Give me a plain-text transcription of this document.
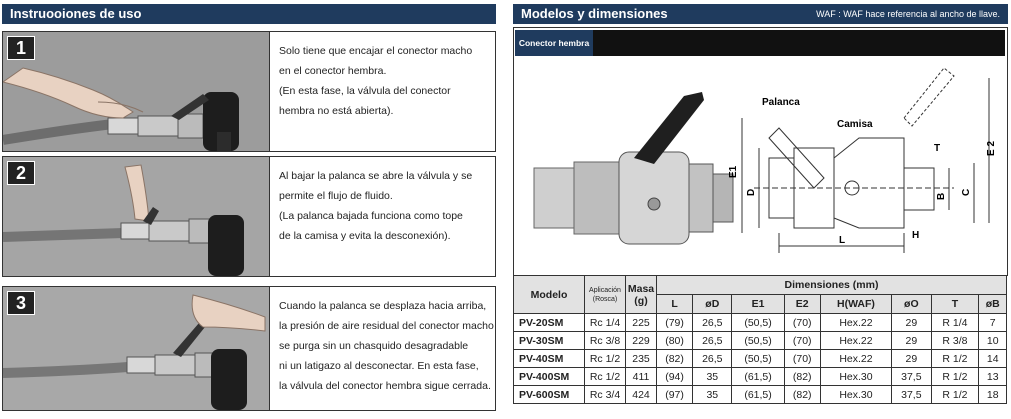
Instruooiones de uso	Modelos y dimensiones	WAF : WAF hace referencia al ancho de llave.
1	Solo tiene que encajar el conector macho
en el conector hembra.
(En esta fase, la válvula del conector
hembra no está abierta).
2	Al bajar la palanca se abre la válvula y se
permite el flujo de fluido.
(La palanca bajada funciona como tope
de la camisa y evita la desconexión).
3	Cuando la palanca se desplaza hacia arriba,
la presión de aire residual del conector macho
se purga sin un chasquido desagradable
ni un latigazo al desconectar. En esta fase,
la válvula del conector hembra sigue cerrada.
Palanca
Camisa
T	E 2
E1
D
B
C
L	H
Conector hembra
Modelo	Aplicación (Rosca)	Masa (g)	Dimensiones (mm)							
			L	øD	E1	E2	H(WAF)	øO	T	øB
PV-20SM	Rc 1/4	225	(79)	26,5	(50,5)	(70)	Hex.22	29	R 1/4	7
PV-30SM	Rc 3/8	229	(80)	26,5	(50,5)	(70)	Hex.22	29	R 3/8	10
PV-40SM	Rc 1/2	235	(82)	26,5	(50,5)	(70)	Hex.22	29	R 1/2	14
PV-400SM	Rc 1/2	411	(94)	35	(61,5)	(82)	Hex.30	37,5	R 1/2	13
PV-600SM	Rc 3/4	424	(97)	35	(61,5)	(82)	Hex.30	37,5	R 1/2	18
